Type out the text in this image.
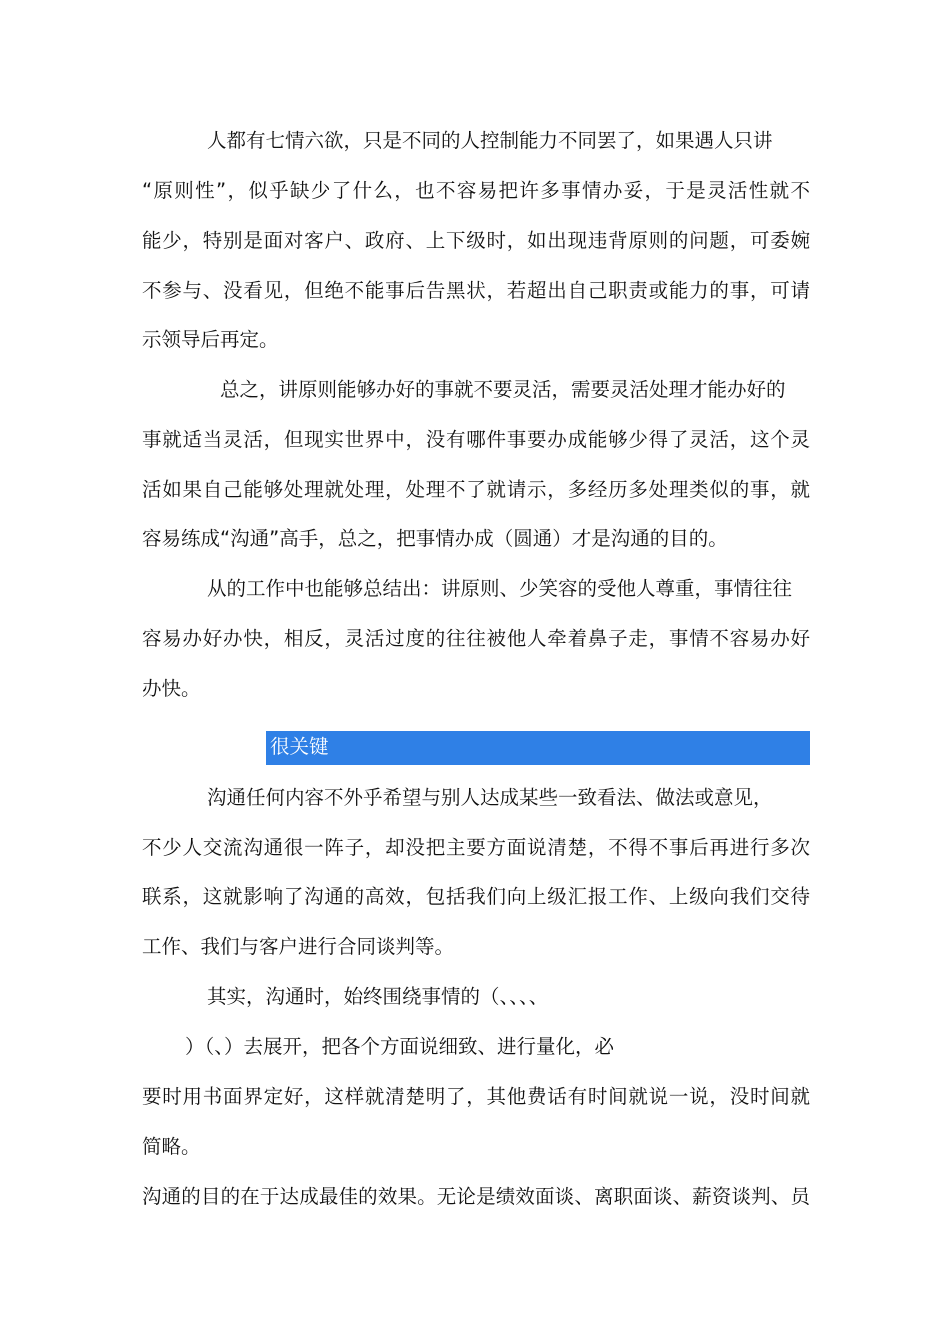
人都有七情六欲，只是不同的人控制能力不同罢了，如果遇人只讲
“原则性”，似乎缺少了什么，也不容易把许多事情办妥，于是灵活性就不
能少，特别是面对客户、政府、上下级时，如出现违背原则的问题，可委婉
不参与、没看见，但绝不能事后告黑状，若超出自己职责或能力的事，可请
示领导后再定。
总之，讲原则能够办好的事就不要灵活，需要灵活处理才能办好的
事就适当灵活，但现实世界中，没有哪件事要办成能够少得了灵活，这个灵
活如果自己能够处理就处理，处理不了就请示，多经历多处理类似的事，就
容易练成“沟通”高手，总之，把事情办成（圆通）才是沟通的目的。
从的工作中也能够总结出：讲原则、少笑容的受他人尊重，事情往往
容易办好办快，相反，灵活过度的往往被他人牵着鼻子走，事情不容易办好
办快。
很关键
沟通任何内容不外乎希望与别人达成某些一致看法、做法或意见，
不少人交流沟通很一阵子，却没把主要方面说清楚，不得不事后再进行多次
联系，这就影响了沟通的高效，包括我们向上级汇报工作、上级向我们交待
工作、我们与客户进行合同谈判等。
其实，沟通时，始终围绕事情的（、、、、
）（、）去展开，把各个方面说细致、进行量化，必
要时用书面界定好，这样就清楚明了，其他费话有时间就说一说，没时间就
简略。
沟通的目的在于达成最佳的效果。无论是绩效面谈、离职面谈、薪资谈判、员
